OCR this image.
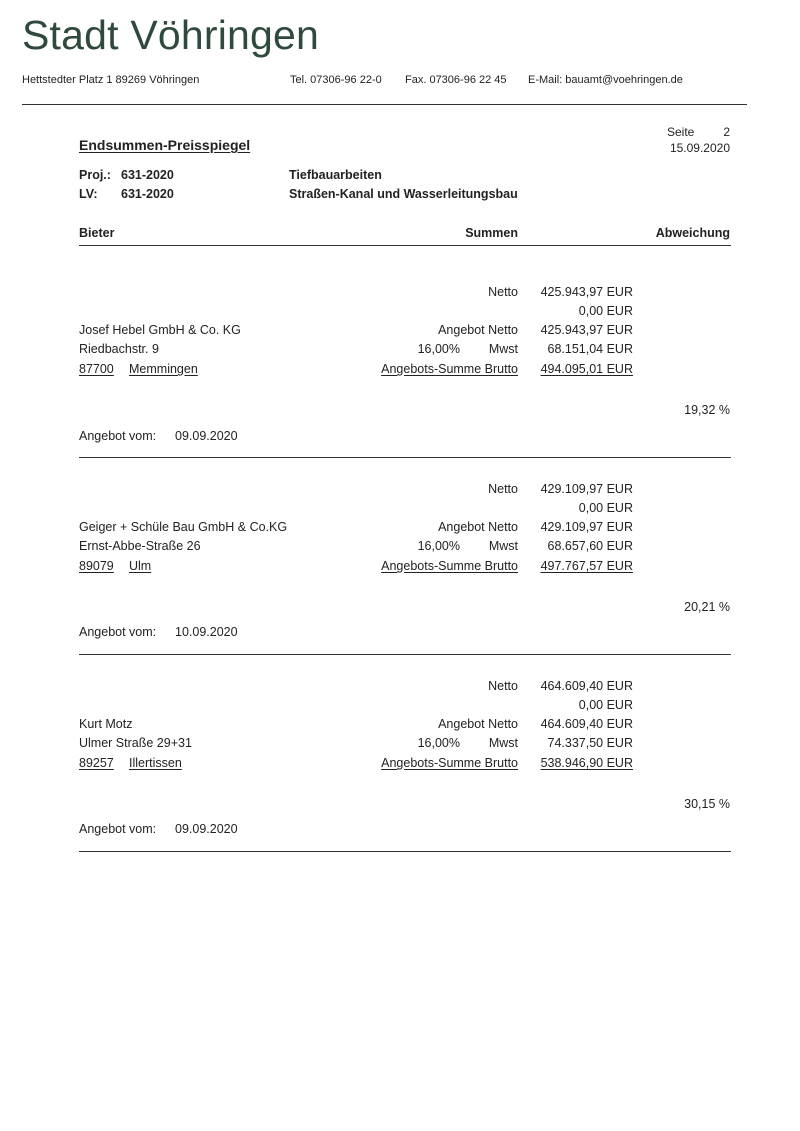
Stadt Vöhringen
Hettstedter Platz 1 89269 Vöhringen	Tel. 07306-96 22-0 Fax. 07306-96 22 45 E-Mail: bauamt@voehringen.de
Endsummen-Preisspiegel
Seite	2
15.09.2020
Proj.: 631-2020	Tiefbauarbeiten
LV: 631-2020	Straßen-Kanal und Wasserleitungsbau
Bieter	Summen	Abweichung
Netto	425.943,97 EUR
0,00 EUR
Josef Hebel GmbH & Co. KG	Angebot Netto	425.943,97 EUR
Riedbachstr. 9	16,00%	Mwst	68.151,04 EUR
87700 Memmingen	Angebots-Summe Brutto	494.095,01 EUR
19,32 %
Angebot vom: 09.09.2020
Netto	429.109,97 EUR
0,00 EUR
Geiger + Schüle Bau GmbH & Co.KG	Angebot Netto	429.109,97 EUR
Ernst-Abbe-Straße 26	16,00%	Mwst	68.657,60 EUR
89079 Ulm	Angebots-Summe Brutto	497.767,57 EUR
20,21 %
Angebot vom: 10.09.2020
Netto	464.609,40 EUR
0,00 EUR
Kurt Motz	Angebot Netto	464.609,40 EUR
Ulmer Straße 29+31	16,00%	Mwst	74.337,50 EUR
89257 Illertissen	Angebots-Summe Brutto	538.946,90 EUR
30,15 %
Angebot vom: 09.09.2020
